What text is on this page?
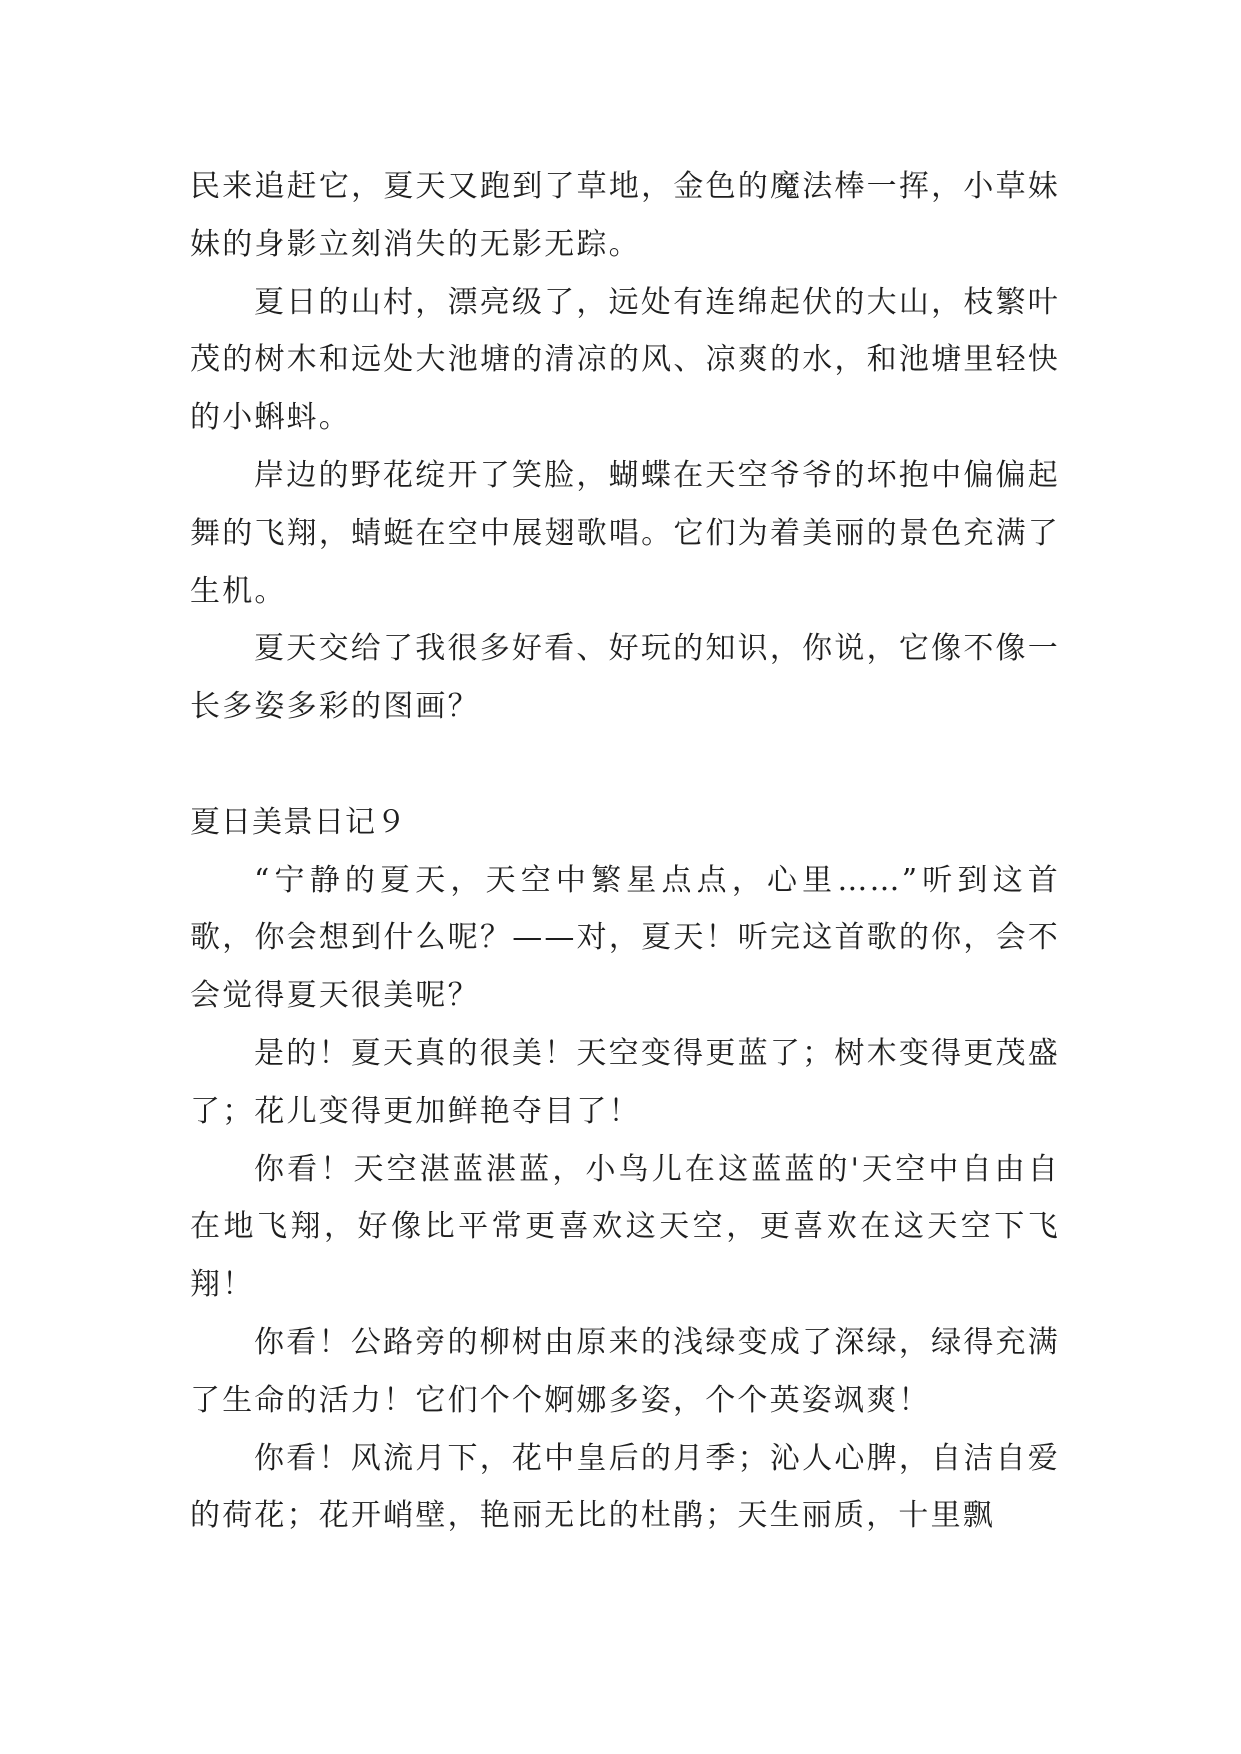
民来追赶它，夏天又跑到了草地，金色的魔法棒一挥，小草妹妹的身影立刻消失的无影无踪。

夏日的山村，漂亮级了，远处有连绵起伏的大山，枝繁叶茂的树木和远处大池塘的清凉的风、凉爽的水，和池塘里轻快的小蝌蚪。

岸边的野花绽开了笑脸，蝴蝶在天空爷爷的坏抱中偏偏起舞的飞翔，蜻蜓在空中展翅歌唱。它们为着美丽的景色充满了生机。

夏天交给了我很多好看、好玩的知识，你说，它像不像一长多姿多彩的图画？

夏日美景日记９

“宁静的夏天，天空中繁星点点，心里……”听到这首歌，你会想到什么呢？——对，夏天！听完这首歌的你，会不会觉得夏天很美呢？

是的！夏天真的很美！天空变得更蓝了；树木变得更茂盛了；花儿变得更加鲜艳夺目了！

你看！天空湛蓝湛蓝，小鸟儿在这蓝蓝的'天空中自由自在地飞翔，好像比平常更喜欢这天空，更喜欢在这天空下飞翔！

你看！公路旁的柳树由原来的浅绿变成了深绿，绿得充满了生命的活力！它们个个婀娜多姿，个个英姿飒爽！

你看！风流月下，花中皇后的月季；沁人心脾，自洁自爱的荷花；花开峭壁，艳丽无比的杜鹃；天生丽质，十里飘
